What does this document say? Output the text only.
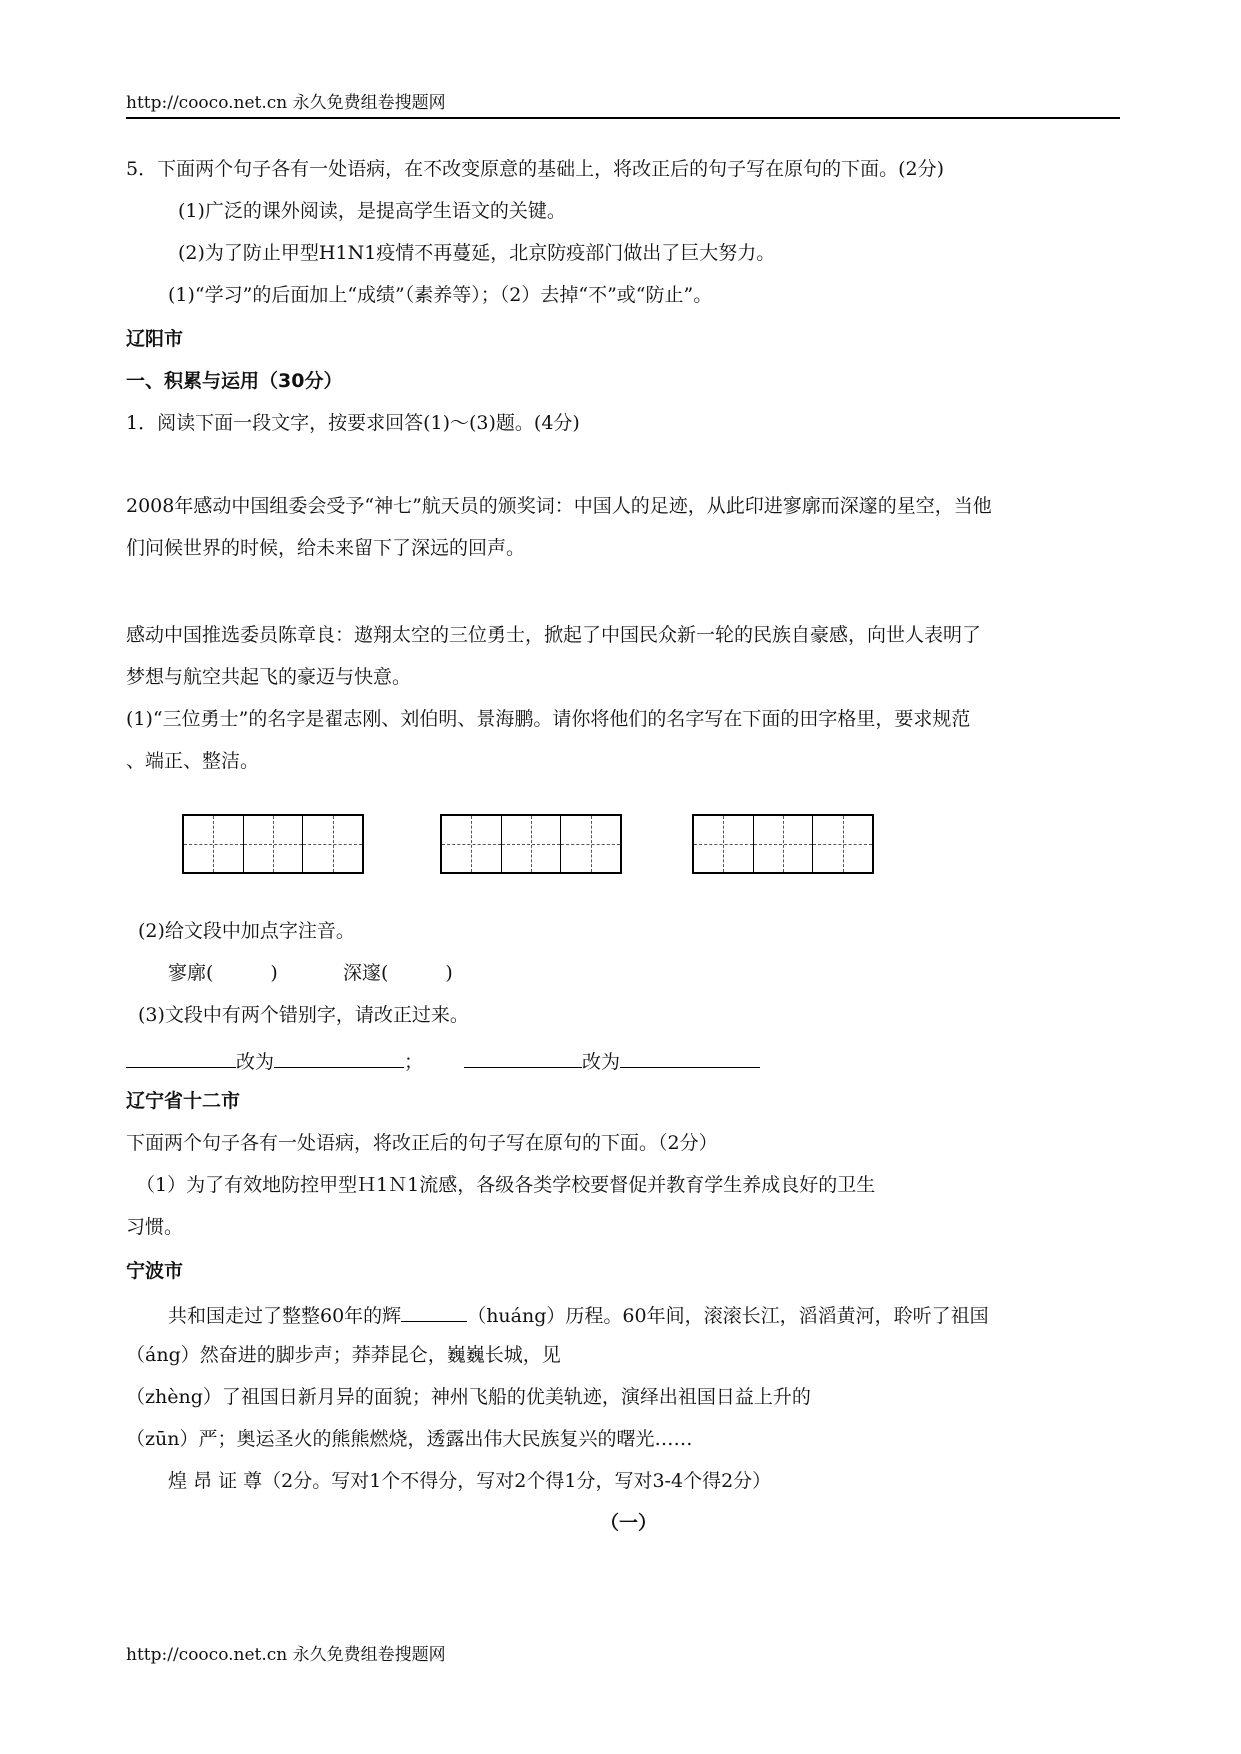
http://cooco.net.cn 永久免费组卷搜题网
5．下面两个句子各有一处语病，在不改变原意的基础上，将改正后的句子写在原句的下面。(2分)
(1)广泛的课外阅读，是提高学生语文的关键。
(2)为了防止甲型H1N1疫情不再蔓延，北京防疫部门做出了巨大努力。
(1)“学习”的后面加上“成绩”（素养等）；（2）去掉“不”或“防止”。
辽阳市
一、积累与运用（30分）
1．阅读下面一段文字，按要求回答(1)～(3)题。(4分)
2008年感动中国组委会受予“神七”航天员的颁奖词：中国人的足迹，从此印进寥廓而深邃的星空，当他
们问候世界的时候，给未来留下了深远的回声。
感动中国推选委员陈章良：遨翔太空的三位勇士，掀起了中国民众新一轮的民族自豪感，向世人表明了
梦想与航空共起飞的豪迈与快意。
(1)“三位勇士”的名字是翟志刚、刘伯明、景海鹏。请你将他们的名字写在下面的田字格里，要求规范
、端正、整洁。
(2)给文段中加点字注音。
寥廓(　　　)	深邃(　　　)
(3)文段中有两个错别字，请改正过来。
改为	；	改为
辽宁省十二市
下面两个句子各有一处语病，将改正后的句子写在原句的下面。（2分）
（1）为了有效地防控甲型Ｈ1Ｎ1流感，各级各类学校要督促并教育学生养成良好的卫生
习惯。
宁波市
共和国走过了整整60年的辉	（huáng）历程。60年间，滚滚长江，滔滔黄河，聆听了祖国
（áng）然奋进的脚步声；莽莽昆仑，巍巍长城，见
（zhèng）了祖国日新月异的面貌；神州飞船的优美轨迹，演绎出祖国日益上升的
（zūn）严；奥运圣火的熊熊燃烧，透露出伟大民族复兴的曙光……
煌 昂 证 尊（2分。写对1个不得分，写对2个得1分，写对3-4个得2分）
（一）
http://cooco.net.cn 永久免费组卷搜题网
